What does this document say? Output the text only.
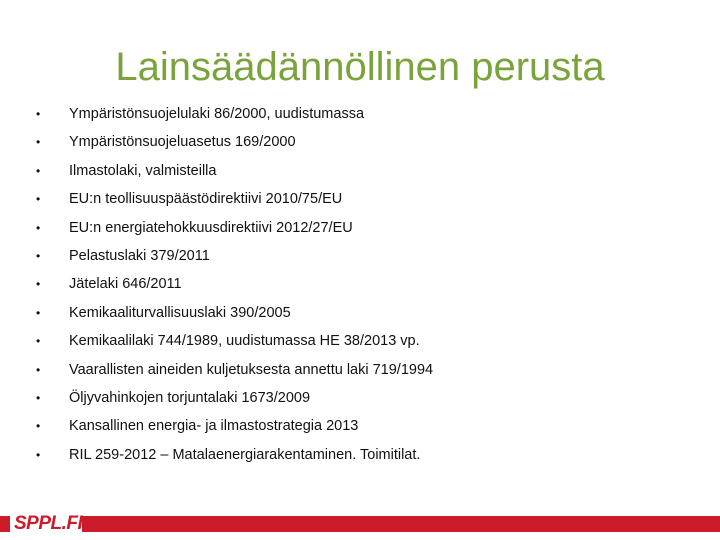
Lainsäädännöllinen perusta
•	Ympäristönsuojelulaki 86/2000, uudistumassa
•	Ympäristönsuojeluasetus 169/2000
•	Ilmastolaki, valmisteilla
•	EU:n teollisuuspäästödirektiivi 2010/75/EU
•	EU:n energiatehokkuusdirektiivi 2012/27/EU
•	Pelastuslaki 379/2011
•	Jätelaki 646/2011
•	Kemikaaliturvallisuuslaki 390/2005
•	Kemikaalilaki 744/1989, uudistumassa HE 38/2013 vp.
•	Vaarallisten aineiden kuljetuksesta annettu laki 719/1994
•	Öljyvahinkojen torjuntalaki 1673/2009
•	Kansallinen energia- ja ilmastostrategia 2013
•	RIL 259-2012 – Matalaenergiarakentaminen. Toimitilat.
SPPL.FI
